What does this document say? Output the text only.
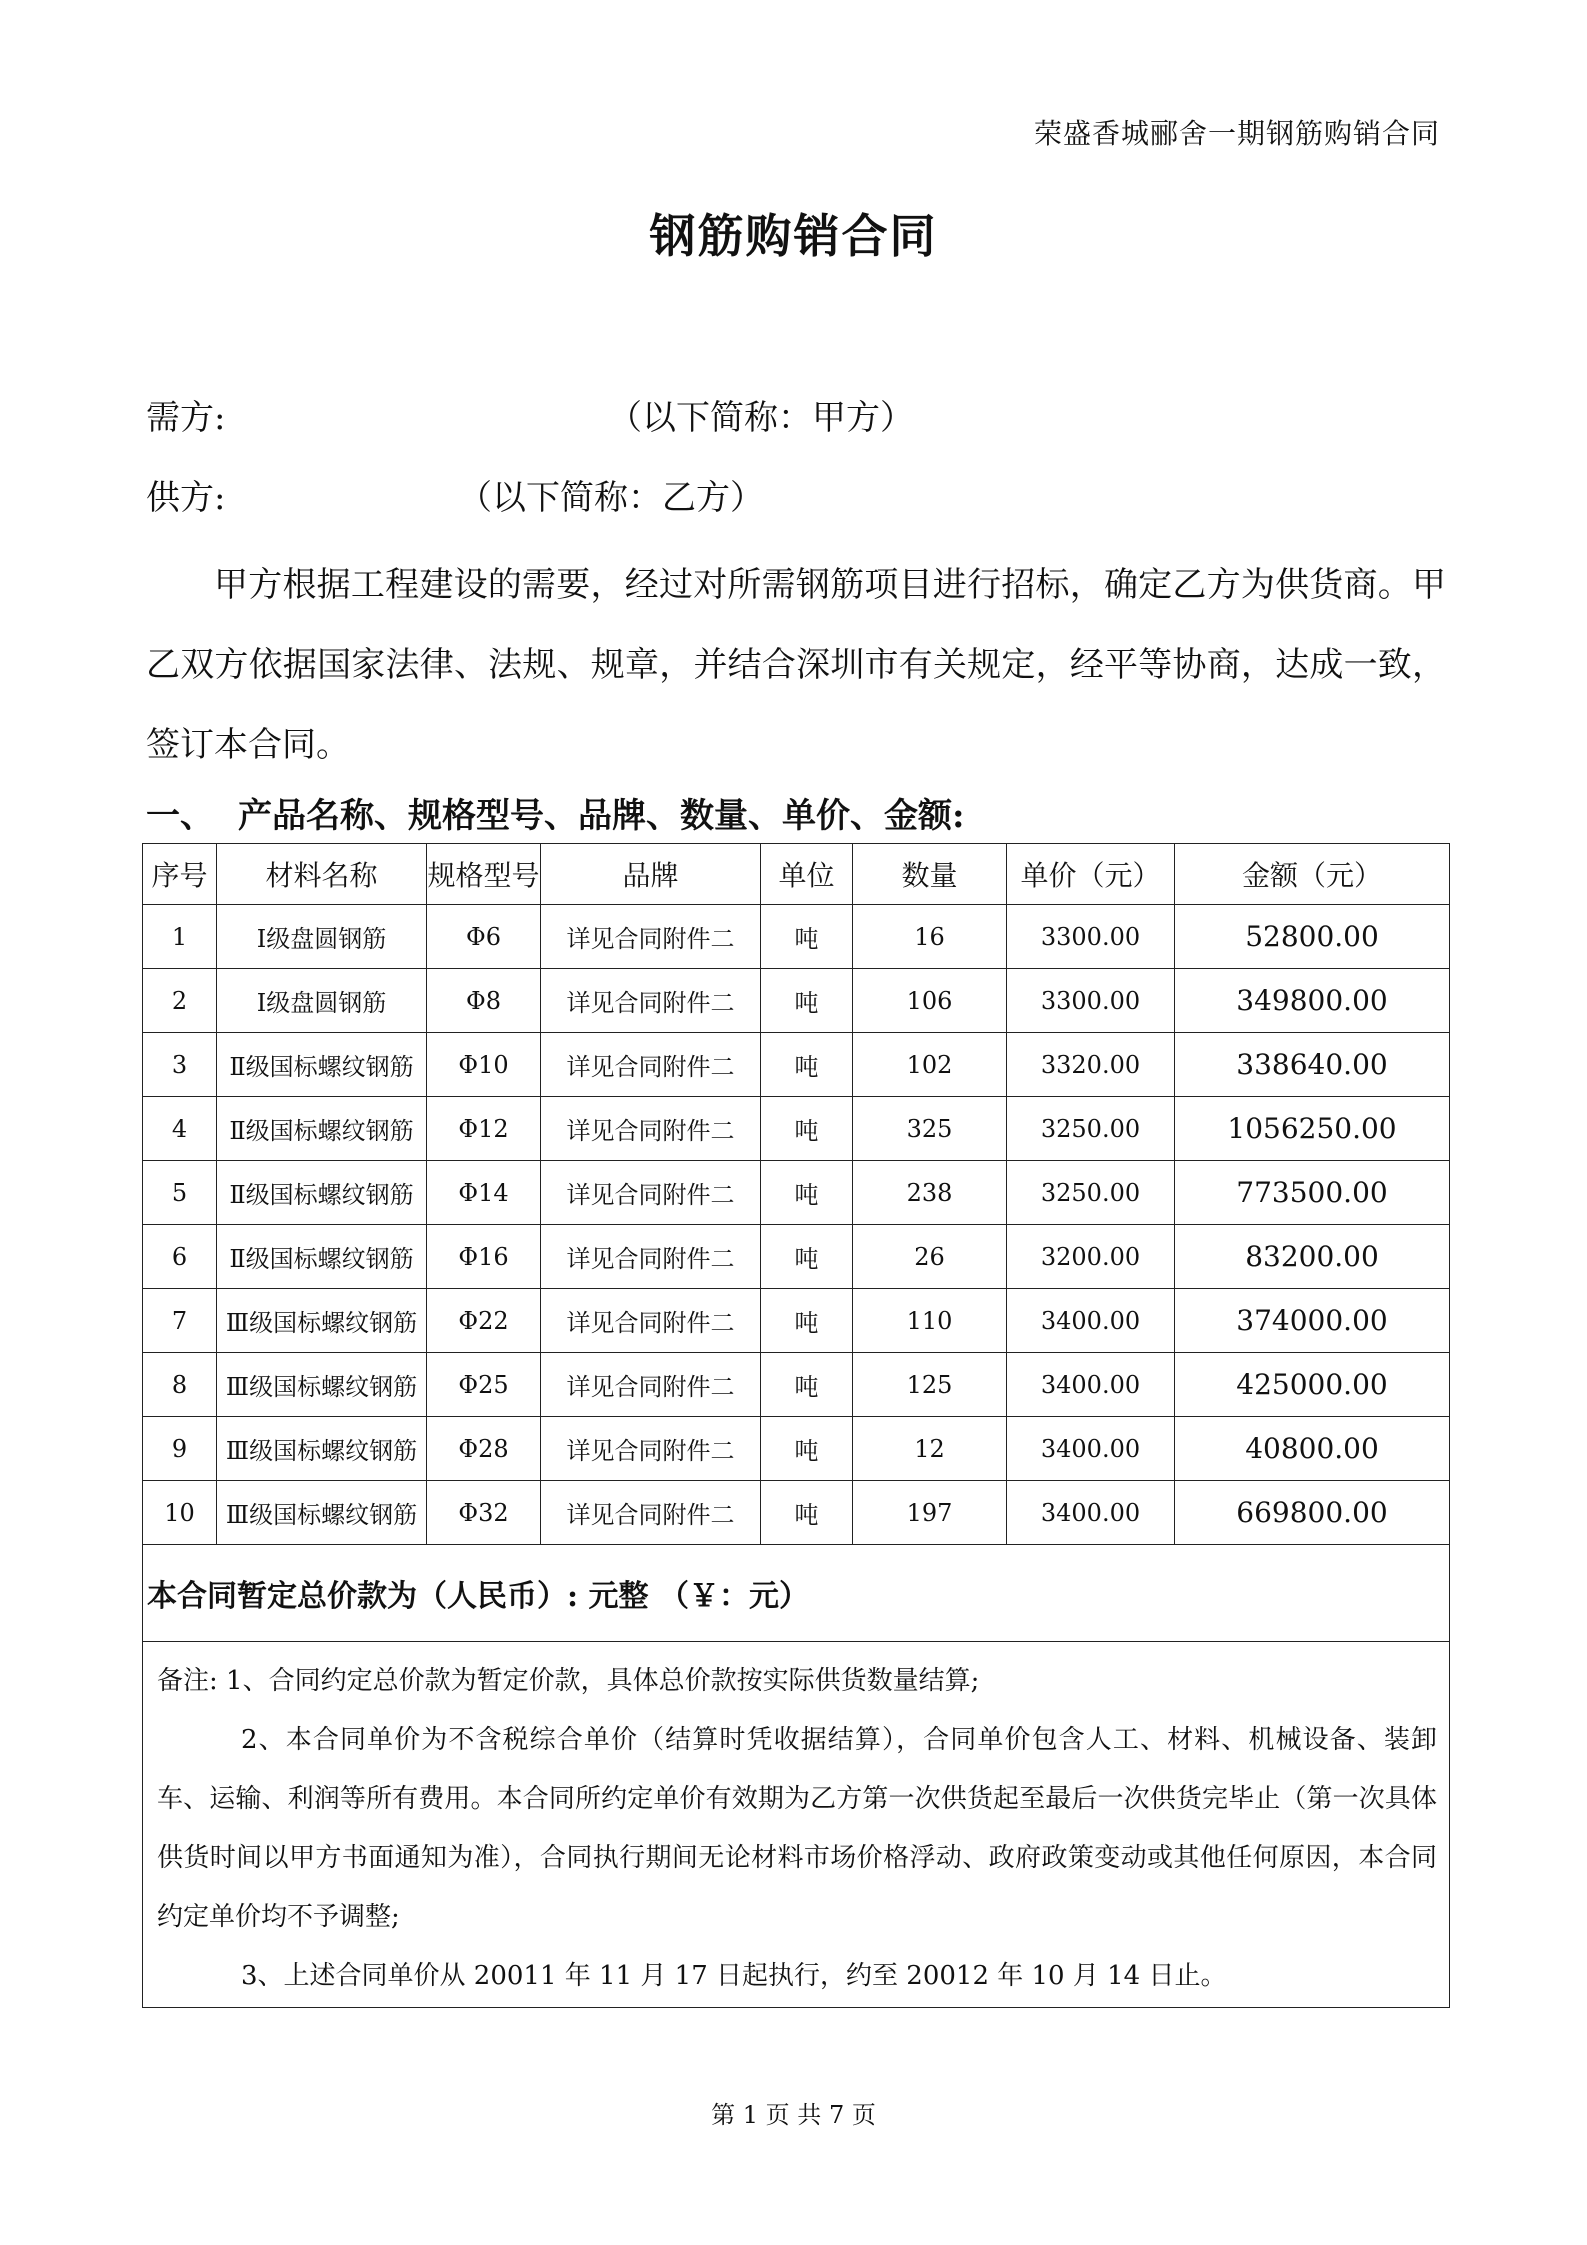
荣盛香城郦舍一期钢筋购销合同
钢筋购销合同
需方:	（以下简称：甲方）
供方:	（以下简称：乙方）
甲方根据工程建设的需要，经过对所需钢筋项目进行招标，确定乙方为供货商。甲乙双方依据国家法律、法规、规章，并结合深圳市有关规定，经平等协商，达成一致，签订本合同。
一、 产品名称、规格型号、品牌、数量、单价、金额:
序号	材料名称	规格型号	品牌	单位	数量	单价（元）	金额（元）
1	Ⅰ级盘圆钢筋	Φ6	详见合同附件二	吨	16	3300.00	52800.00
2	Ⅰ级盘圆钢筋	Φ8	详见合同附件二	吨	106	3300.00	349800.00
3	Ⅱ级国标螺纹钢筋	Φ10	详见合同附件二	吨	102	3320.00	338640.00
4	Ⅱ级国标螺纹钢筋	Φ12	详见合同附件二	吨	325	3250.00	1056250.00
5	Ⅱ级国标螺纹钢筋	Φ14	详见合同附件二	吨	238	3250.00	773500.00
6	Ⅱ级国标螺纹钢筋	Φ16	详见合同附件二	吨	26	3200.00	83200.00
7	Ⅲ级国标螺纹钢筋	Φ22	详见合同附件二	吨	110	3400.00	374000.00
8	Ⅲ级国标螺纹钢筋	Φ25	详见合同附件二	吨	125	3400.00	425000.00
9	Ⅲ级国标螺纹钢筋	Φ28	详见合同附件二	吨	12	3400.00	40800.00
10	Ⅲ级国标螺纹钢筋	Φ32	详见合同附件二	吨	197	3400.00	669800.00
本合同暂定总价款为（人民币）: 元整 （￥：元）							

备注: 1、合同约定总价款为暂定价款，具体总价款按实际供货数量结算;

2、本合同单价为不含税综合单价（结算时凭收据结算），合同单价包含人工、材料、机械设备、装卸车、运输、利润等所有费用。本合同所约定单价有效期为乙方第一次供货起至最后一次供货完毕止（第一次具体供货时间以甲方书面通知为准），合同执行期间无论材料市场价格浮动、政府政策变动或其他任何原因，本合同约定单价均不予调整;

3、上述合同单价从 20011 年 11 月 17 日起执行，约至 20012 年 10 月 14 日止。							

第 1 页 共 7 页
